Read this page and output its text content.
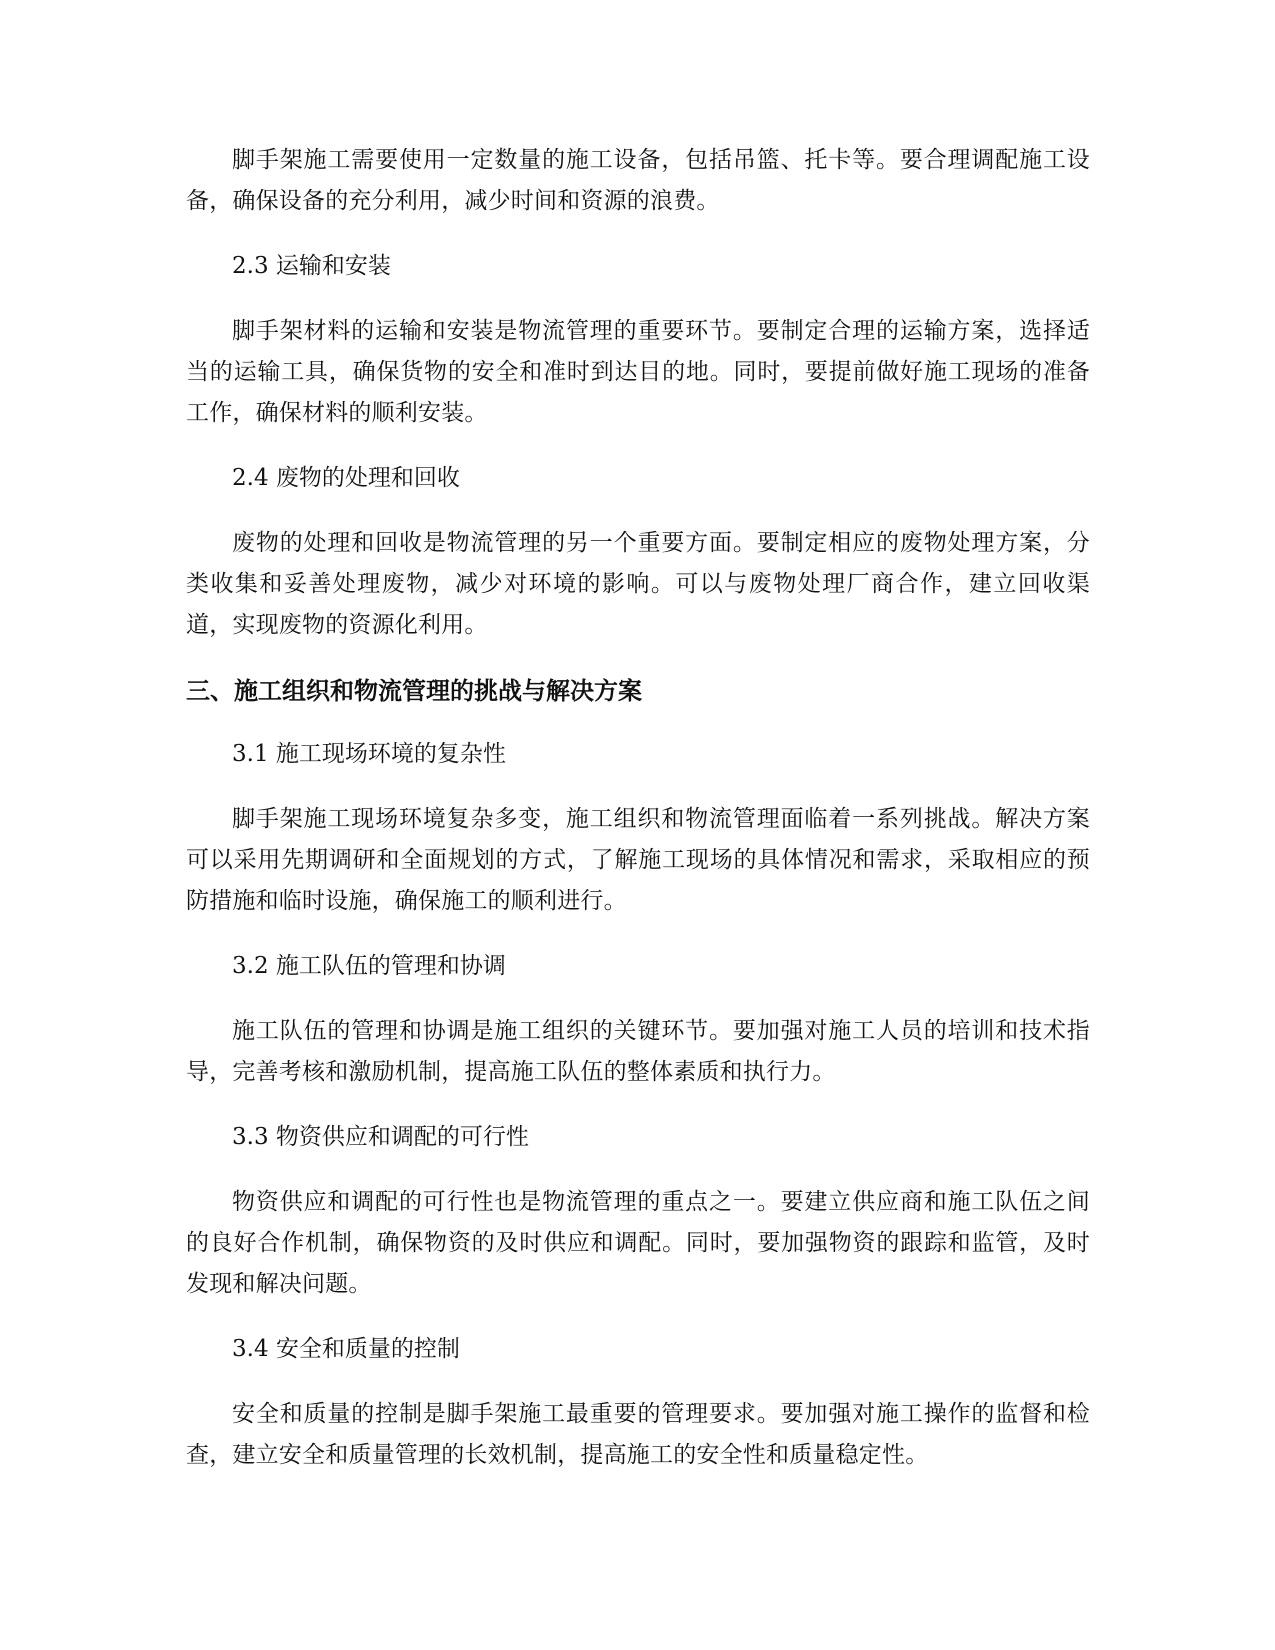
脚手架施工需要使用一定数量的施工设备，包括吊篮、托卡等。要合理调配施工设备，确保设备的充分利用，减少时间和资源的浪费。

2.3 运输和安装

脚手架材料的运输和安装是物流管理的重要环节。要制定合理的运输方案，选择适当的运输工具，确保货物的安全和准时到达目的地。同时，要提前做好施工现场的准备工作，确保材料的顺利安装。

2.4 废物的处理和回收

废物的处理和回收是物流管理的另一个重要方面。要制定相应的废物处理方案，分类收集和妥善处理废物，减少对环境的影响。可以与废物处理厂商合作，建立回收渠道，实现废物的资源化利用。

三、施工组织和物流管理的挑战与解决方案

3.1 施工现场环境的复杂性

脚手架施工现场环境复杂多变，施工组织和物流管理面临着一系列挑战。解决方案可以采用先期调研和全面规划的方式，了解施工现场的具体情况和需求，采取相应的预防措施和临时设施，确保施工的顺利进行。

3.2 施工队伍的管理和协调

施工队伍的管理和协调是施工组织的关键环节。要加强对施工人员的培训和技术指导，完善考核和激励机制，提高施工队伍的整体素质和执行力。

3.3 物资供应和调配的可行性

物资供应和调配的可行性也是物流管理的重点之一。要建立供应商和施工队伍之间的良好合作机制，确保物资的及时供应和调配。同时，要加强物资的跟踪和监管，及时发现和解决问题。

3.4 安全和质量的控制

安全和质量的控制是脚手架施工最重要的管理要求。要加强对施工操作的监督和检查，建立安全和质量管理的长效机制，提高施工的安全性和质量稳定性。
